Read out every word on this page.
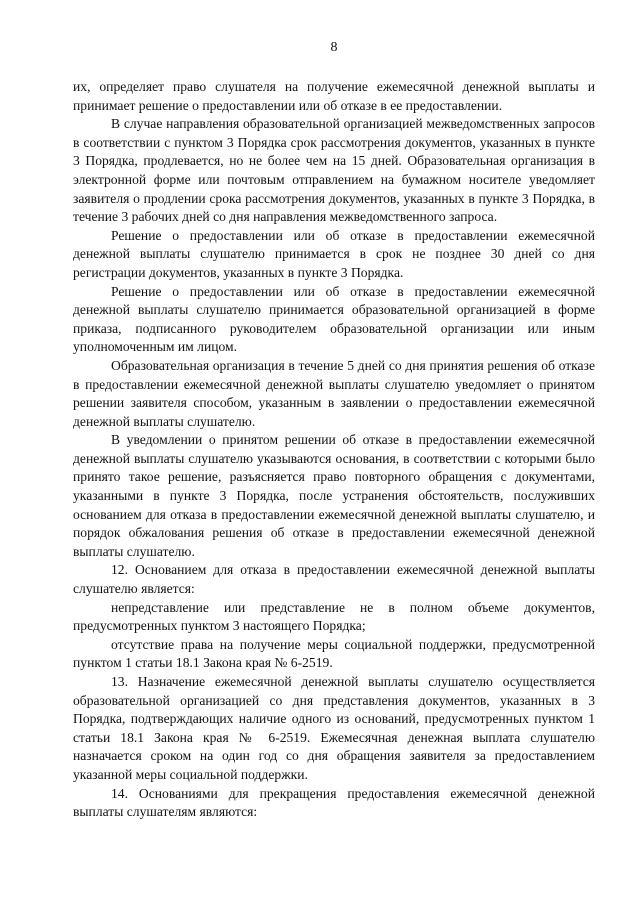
8

их, определяет право слушателя на получение ежемесячной денежной выплаты и принимает решение о предоставлении или об отказе в ее предоставлении.

В случае направления образовательной организацией межведомственных запросов в соответствии с пунктом 3 Порядка срок рассмотрения документов, указанных в пункте 3 Порядка, продлевается, но не более чем на 15 дней. Образовательная организация в электронной форме или почтовым отправлением на бумажном носителе уведомляет заявителя о продлении срока рассмотрения документов, указанных в пункте 3 Порядка, в течение 3 рабочих дней со дня направления межведомственного запроса.

Решение о предоставлении или об отказе в предоставлении ежемесячной денежной выплаты слушателю принимается в срок не позднее 30 дней со дня регистрации документов, указанных в пункте 3 Порядка.

Решение о предоставлении или об отказе в предоставлении ежемесячной денежной выплаты слушателю принимается образовательной организацией в форме приказа, подписанного руководителем образовательной организации или иным уполномоченным им лицом.

Образовательная организация в течение 5 дней со дня принятия решения об отказе в предоставлении ежемесячной денежной выплаты слушателю уведомляет о принятом решении заявителя способом, указанным в заявлении о предоставлении ежемесячной денежной выплаты слушателю.

В уведомлении о принятом решении об отказе в предоставлении ежемесячной денежной выплаты слушателю указываются основания, в соответствии с которыми было принято такое решение, разъясняется право повторного обращения с документами, указанными в пункте 3 Порядка, после устранения обстоятельств, послуживших основанием для отказа в предоставлении ежемесячной денежной выплаты слушателю, и порядок обжалования решения об отказе в предоставлении ежемесячной денежной выплаты слушателю.

12. Основанием для отказа в предоставлении ежемесячной денежной выплаты слушателю является:

непредставление или представление не в полном объеме документов, предусмотренных пунктом 3 настоящего Порядка;

отсутствие права на получение меры социальной поддержки, предусмотренной пунктом 1 статьи 18.1 Закона края № 6-2519.

13. Назначение ежемесячной денежной выплаты слушателю осуществляется образовательной организацией со дня представления документов, указанных в 3 Порядка, подтверждающих наличие одного из оснований, предусмотренных пунктом 1 статьи 18.1 Закона края № 6-2519. Ежемесячная денежная выплата слушателю назначается сроком на один год со дня обращения заявителя за предоставлением указанной меры социальной поддержки.

14. Основаниями для прекращения предоставления ежемесячной денежной выплаты слушателям являются:
